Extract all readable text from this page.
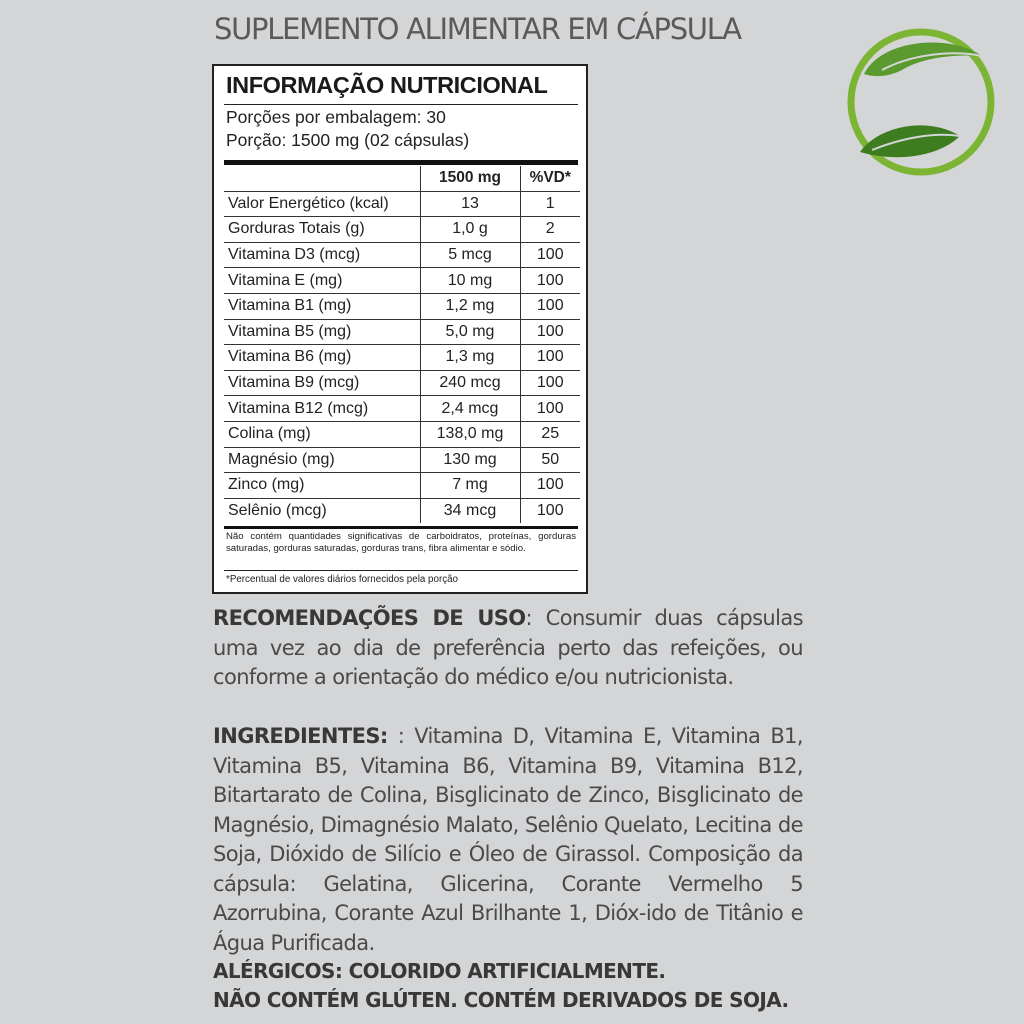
SUPLEMENTO ALIMENTAR EM CÁPSULA
INFORMAÇÃO NUTRICIONAL
Porções por embalagem: 30
Porção: 1500 mg (02 cápsulas)
	1500 mg	%VD*
Valor Energético (kcal)	13	1
Gorduras Totais (g)	1,0 g	2
Vitamina D3 (mcg)	5 mcg	100
Vitamina E (mg)	10 mg	100
Vitamina B1 (mg)	1,2 mg	100
Vitamina B5 (mg)	5,0 mg	100
Vitamina B6 (mg)	1,3 mg	100
Vitamina B9 (mcg)	240 mcg	100
Vitamina B12 (mcg)	2,4 mcg	100
Colina (mg)	138,0 mg	25
Magnésio (mg)	130 mg	50
Zinco (mg)	7 mg	100
Selênio (mcg)	34 mcg	100
Não contém quantidades significativas de carboidratos, proteínas, gorduras saturadas, gorduras saturadas, gorduras trans, fibra alimentar e sódio.
*Percentual de valores diários fornecidos pela porção
RECOMENDAÇÕES DE USO: Consumir duas cápsulas uma vez ao dia de preferência perto das refeições, ou conforme a orientação do médico e/ou nutricionista.
INGREDIENTES: : Vitamina D, Vitamina E, Vitamina B1, Vitamina B5, Vitamina B6, Vitamina B9, Vitamina B12, Bitartarato de Colina, Bisglicinato de Zinco, Bisglicinato de Magnésio, Dimagnésio Malato, Selênio Quelato, Lecitina de Soja, Dióxido de Silício e Óleo de Girassol. Composição da cápsula: Gelatina, Glicerina, Corante Vermelho 5 Azorrubina, Corante Azul Brilhante 1, Dióx-ido de Titânio e Água Purificada.
ALÉRGICOS: COLORIDO ARTIFICIALMENTE.
NÃO CONTÉM GLÚTEN. CONTÉM DERIVADOS DE SOJA.
